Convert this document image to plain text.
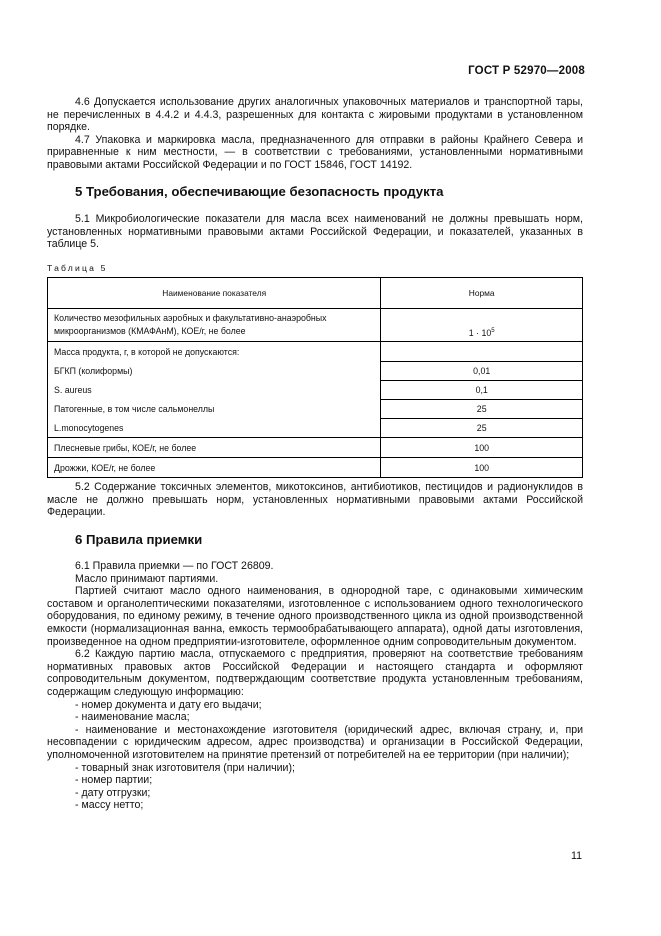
ГОСТ Р 52970—2008

4.6 Допускается использование других аналогичных упаковочных материалов и транспортной тары, не перечисленных в 4.4.2 и 4.4.3, разрешенных для контакта с жировыми продуктами в установленном порядке.

4.7 Упаковка и маркировка масла, предназначенного для отправки в районы Крайнего Севера и приравненные к ним местности, — в соответствии с требованиями, установленными нормативными правовыми актами Российской Федерации и по ГОСТ 15846, ГОСТ 14192.

5 Требования, обеспечивающие безопасность продукта

5.1 Микробиологические показатели для масла всех наименований не должны превышать норм, установленных нормативными правовыми актами Российской Федерации, и показателей, указанных в таблице 5.

Таблица 5
Наименование показателя	Норма
Количество мезофильных аэробных и факультативно-анаэробных микроорганизмов (КМАФАнМ), КОЕ/г, не более	$1 \cdot 10^5$
Масса продукта, г, в которой не допускаются:	
БГКП (колиформы)	0,01
S. aureus	0,1
Патогенные, в том числе сальмонеллы	25
L.monocytogenes	25
Плесневые грибы, КОЕ/г, не более	100
Дрожжи, КОЕ/г, не более	100

5.2 Содержание токсичных элементов, микотоксинов, антибиотиков, пестицидов и радионуклидов в масле не должно превышать норм, установленных нормативными правовыми актами Российской Федерации.

6 Правила приемки

6.1 Правила приемки — по ГОСТ 26809.

Масло принимают партиями.

Партией считают масло одного наименования, в однородной таре, с одинаковыми химическим составом и органолептическими показателями, изготовленное с использованием одного технологического оборудования, по единому режиму, в течение одного производственного цикла из одной производственной емкости (нормализационная ванна, емкость термообрабатывающего аппарата), одной даты изготовления, произведенное на одном предприятии-изготовителе, оформленное одним сопроводительным документом.

6.2 Каждую партию масла, отпускаемого с предприятия, проверяют на соответствие требованиям нормативных правовых актов Российской Федерации и настоящего стандарта и оформляют сопроводительным документом, подтверждающим соответствие продукта установленным требованиям, содержащим следующую информацию:

- номер документа и дату его выдачи;

- наименование масла;

- наименование и местонахождение изготовителя (юридический адрес, включая страну, и, при несовпадении с юридическим адресом, адрес производства) и организации в Российской Федерации, уполномоченной изготовителем на принятие претензий от потребителей на ее территории (при наличии);

- товарный знак изготовителя (при наличии);

- номер партии;

- дату отгрузки;

- массу нетто;

11
